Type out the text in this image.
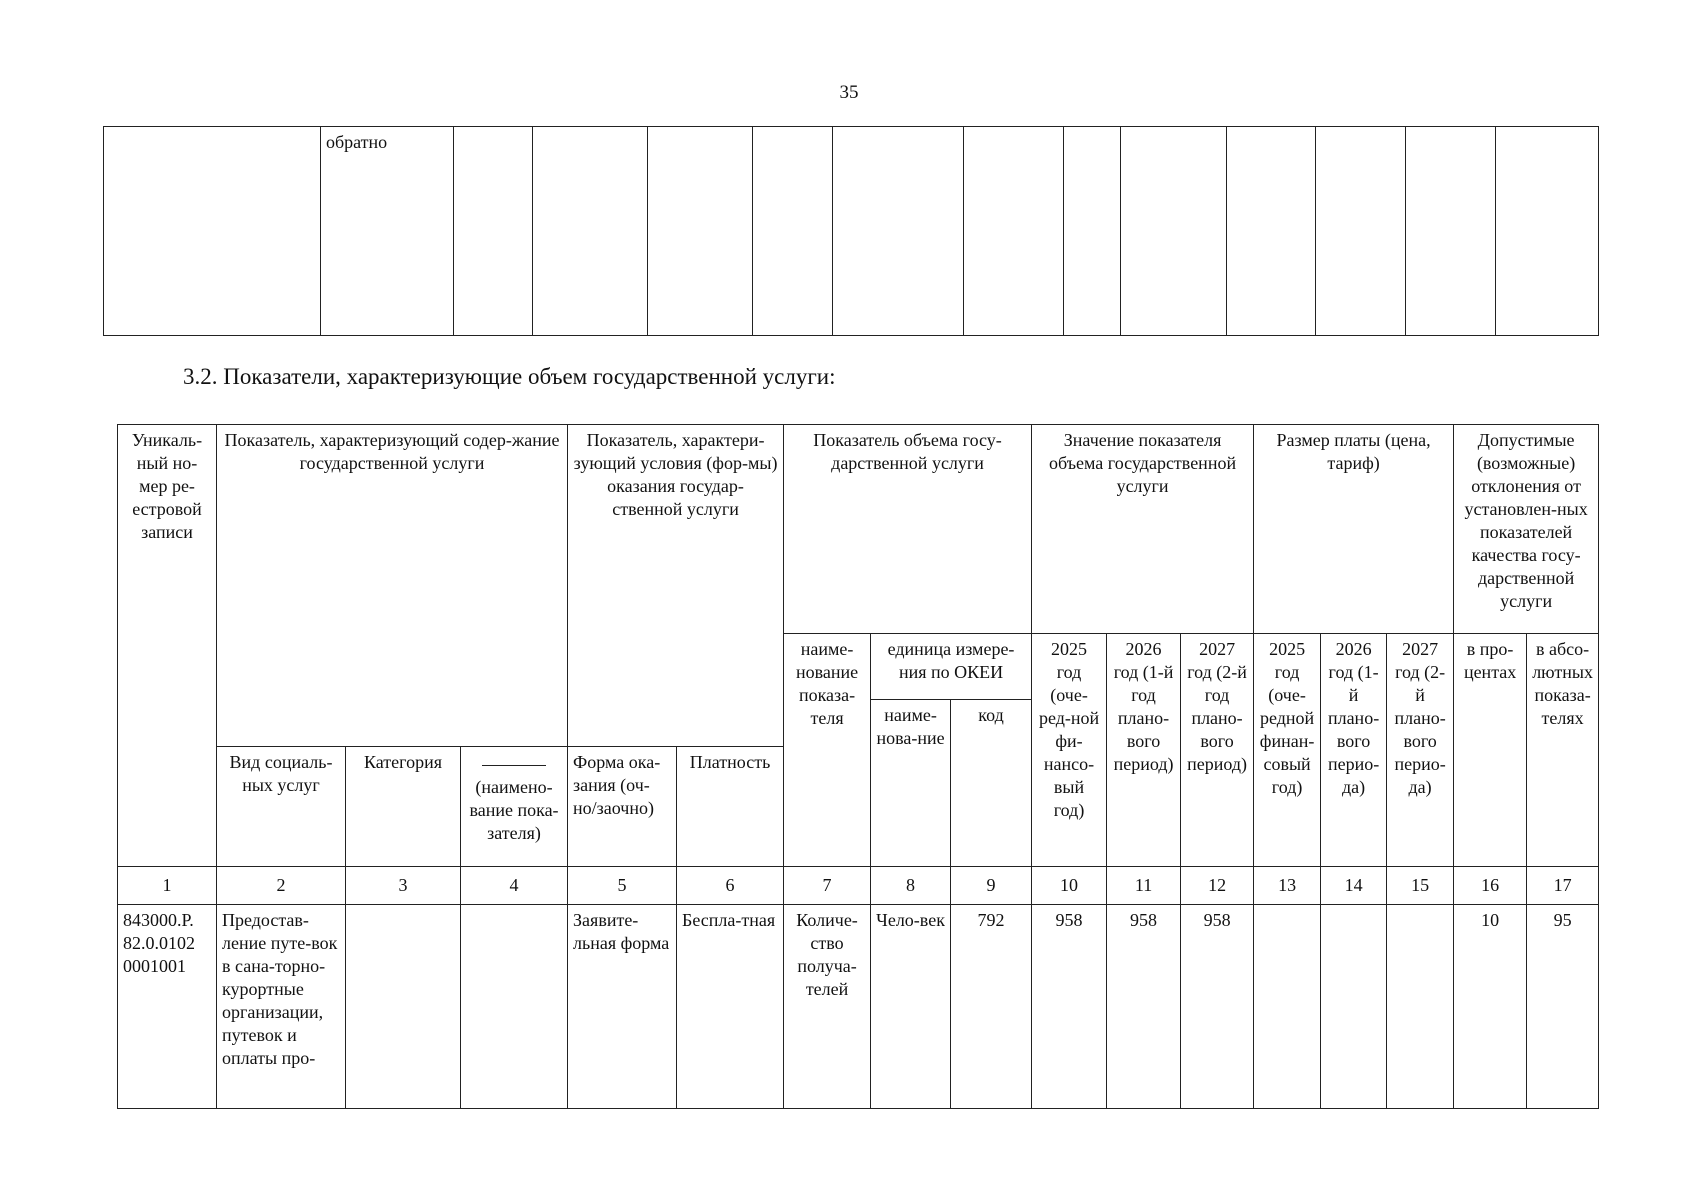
35
	обратно												
3.2. Показатели, характеризующие объем государственной услуги:
Уникаль-ный но-мер ре-естровой записи	Показатель, характеризующий содер-жание государственной услуги			Показатель, характери-зующий условия (фор-мы) оказания государ-ственной услуги		Показатель объема госу-дарственной услуги			Значение показателя объема государственной услуги			Размер платы (цена, тариф)			Допустимые (возможные) отклонения от установлен-ных показателей качества госу-дарственной услуги	
						наиме-нование показа-теля	единица измере-ния по ОКЕИ		2025 год (оче-ред-ной фи-нансо-вый год)	2026 год (1-й год плано-вого период)	2027 год (2-й год плано-вого период)	2025 год (оче-редной финан-совый год)	2026 год (1-й плано-вого перио-да)	2027 год (2-й плано-вого перио-да)	в про-центах	в абсо-лютных показа-телях
							наиме-нова-ние	код								
	Вид социаль-ных услуг	Категория	(наимено-вание пока-зателя)	Форма ока-зания (оч-но/заочно)	Платность											
1	2	3	4	5	6	7	8	9	10	11	12	13	14	15	16	17
843000.Р. 82.0.0102 0001001	Предостав-ление путе-вок в сана-торно-курортные организации, путевок и оплаты про-			Заявите-льная форма	Бесплa-тная	Количе-ство получа-телей	Чело-век	792	958	958	958				10	95
